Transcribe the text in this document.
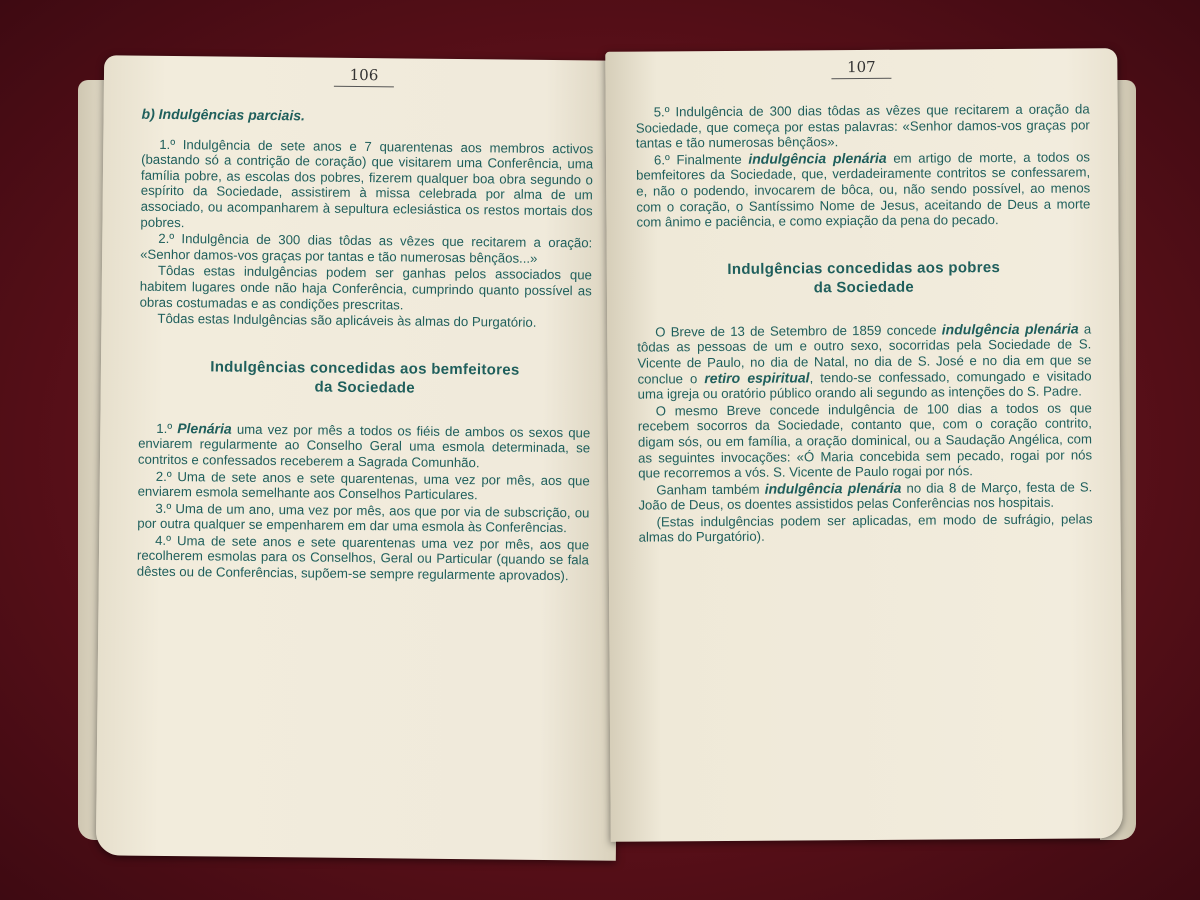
106

b) Indulgências parciais.

1.º Indulgência de sete anos e 7 quarentenas aos membros activos (bastando só a contrição de coração) que visitarem uma Conferência, uma família pobre, as escolas dos pobres, fizerem qualquer boa obra segundo o espírito da Sociedade, assistirem à missa celebrada por alma de um associado, ou acompanharem à sepultura eclesiástica os restos mortais dos pobres.

2.º Indulgência de 300 dias tôdas as vêzes que recitarem a oração: «Senhor damos-vos graças por tantas e tão numerosas bênçãos...»

Tôdas estas indulgências podem ser ganhas pelos associados que habitem lugares onde não haja Conferência, cumprindo quanto possível as obras costumadas e as condições prescritas.

Tôdas estas Indulgências são aplicáveis às almas do Purgatório.

Indulgências concedidas aos bemfeitores
da Sociedade

1.º Plenária uma vez por mês a todos os fiéis de ambos os sexos que enviarem regularmente ao Conselho Geral uma esmola determinada, se contritos e confessados receberem a Sagrada Comunhão.

2.º Uma de sete anos e sete quarentenas, uma vez por mês, aos que enviarem esmola semelhante aos Conselhos Particulares.

3.º Uma de um ano, uma vez por mês, aos que por via de subscrição, ou por outra qualquer se empenharem em dar uma esmola às Conferências.

4.º Uma de sete anos e sete quarentenas uma vez por mês, aos que recolherem esmolas para os Conselhos, Geral ou Particular (quando se fala dêstes ou de Conferências, supõem-se sempre regularmente aprovados).

107

5.º Indulgência de 300 dias tôdas as vêzes que recitarem a oração da Sociedade, que começa por estas palavras: «Senhor damos-vos graças por tantas e tão numerosas bênçãos».

6.º Finalmente indulgência plenária em artigo de morte, a todos os bemfeitores da Sociedade, que, verdadeiramente contritos se confessarem, e, não o podendo, invocarem de bôca, ou, não sendo possível, ao menos com o coração, o Santíssimo Nome de Jesus, aceitando de Deus a morte com ânimo e paciência, e como expiação da pena do pecado.

Indulgências concedidas aos pobres
da Sociedade

O Breve de 13 de Setembro de 1859 concede indulgência plenária a tôdas as pessoas de um e outro sexo, socorridas pela Sociedade de S. Vicente de Paulo, no dia de Natal, no dia de S. José e no dia em que se conclue o retiro espiritual, tendo-se confessado, comungado e visitado uma igreja ou oratório público orando ali segundo as intenções do S. Padre.

O mesmo Breve concede indulgência de 100 dias a todos os que recebem socorros da Sociedade, contanto que, com o coração contrito, digam sós, ou em família, a oração dominical, ou a Saudação Angélica, com as seguintes invocações: «Ó Maria concebida sem pecado, rogai por nós que recorremos a vós. S. Vicente de Paulo rogai por nós.

Ganham também indulgência plenária no dia 8 de Março, festa de S. João de Deus, os doentes assistidos pelas Conferências nos hospitais.

(Estas indulgências podem ser aplicadas, em modo de sufrágio, pelas almas do Purgatório).
